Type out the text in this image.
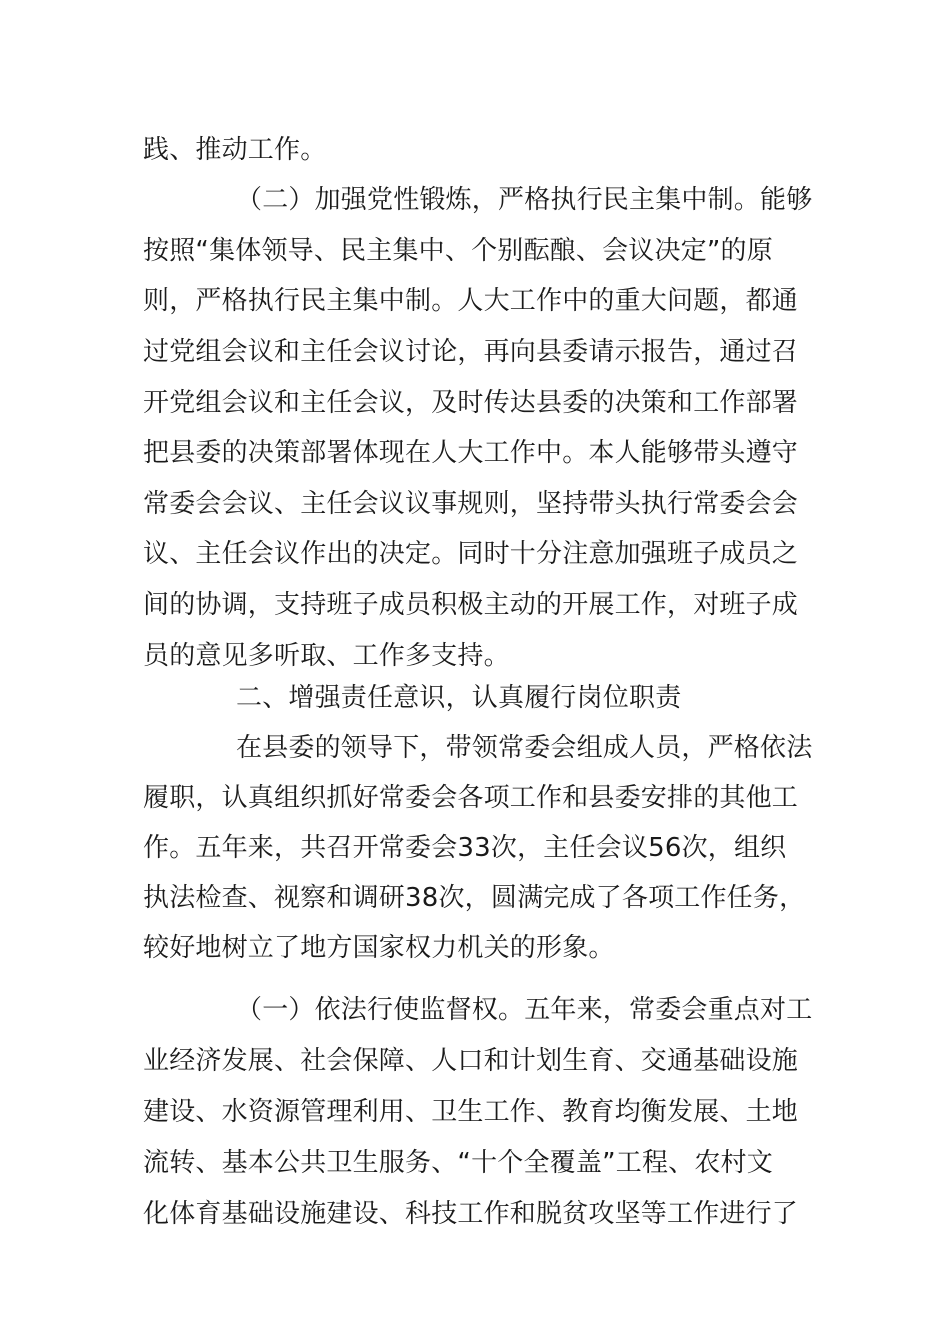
践、推动工作。
（二）加强党性锻炼，严格执行民主集中制。能够
按照“集体领导、民主集中、个别酝酿、会议决定”的原
则，严格执行民主集中制。人大工作中的重大问题，都通
过党组会议和主任会议讨论，再向县委请示报告，通过召
开党组会议和主任会议，及时传达县委的决策和工作部署
把县委的决策部署体现在人大工作中。本人能够带头遵守
常委会会议、主任会议议事规则，坚持带头执行常委会会
议、主任会议作出的决定。同时十分注意加强班子成员之
间的协调，支持班子成员积极主动的开展工作，对班子成
员的意见多听取、工作多支持。
二、增强责任意识，认真履行岗位职责
在县委的领导下，带领常委会组成人员，严格依法
履职，认真组织抓好常委会各项工作和县委安排的其他工
作。五年来，共召开常委会33次，主任会议56次，组织
执法检查、视察和调研38次，圆满完成了各项工作任务，
较好地树立了地方国家权力机关的形象。
（一）依法行使监督权。五年来，常委会重点对工
业经济发展、社会保障、人口和计划生育、交通基础设施
建设、水资源管理利用、卫生工作、教育均衡发展、土地
流转、基本公共卫生服务、“十个全覆盖”工程、农村文
化体育基础设施建设、科技工作和脱贫攻坚等工作进行了
